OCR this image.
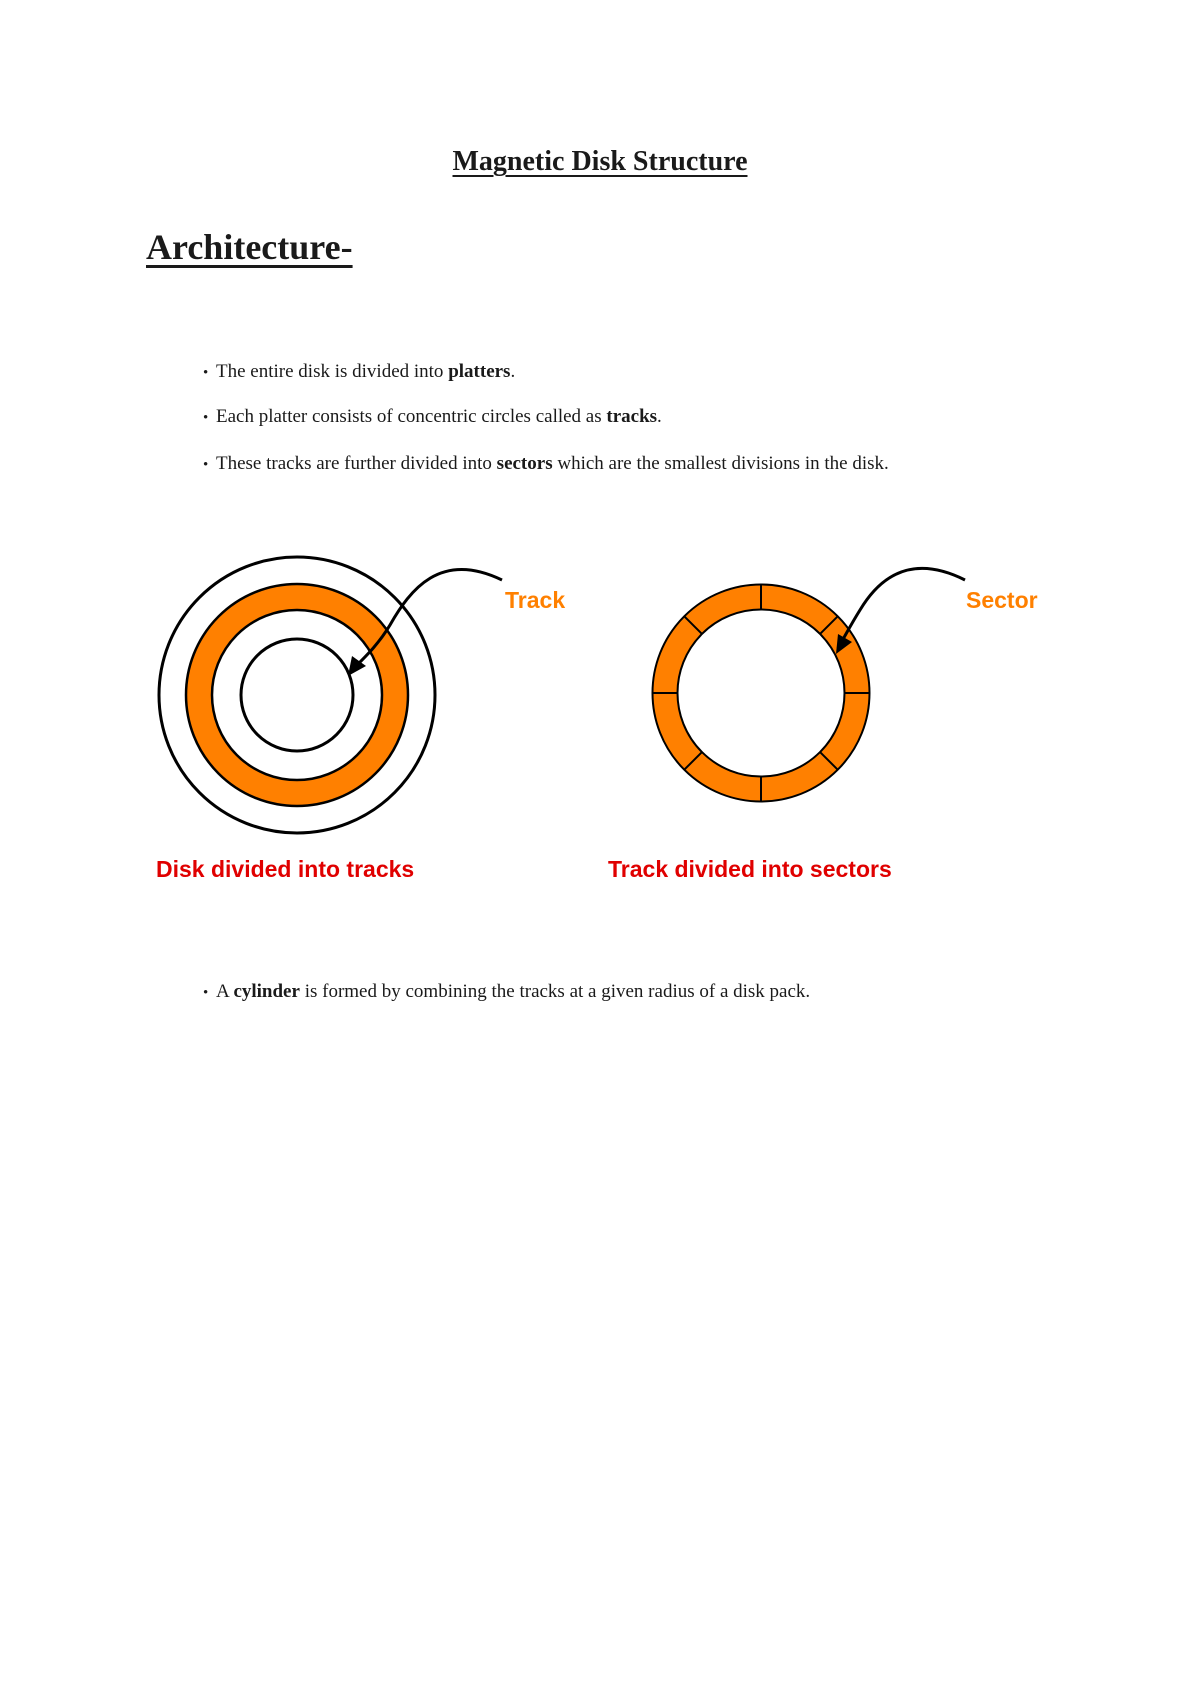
Magnetic Disk Structure
Architecture-

• The entire disk is divided into platters.

• Each platter consists of concentric circles called as tracks.

• These tracks are further divided into sectors which are the smallest divisions in the disk.

Track
Disk divided into tracks
Sector
Track divided into sectors

• A cylinder is formed by combining the tracks at a given radius of a disk pack.
